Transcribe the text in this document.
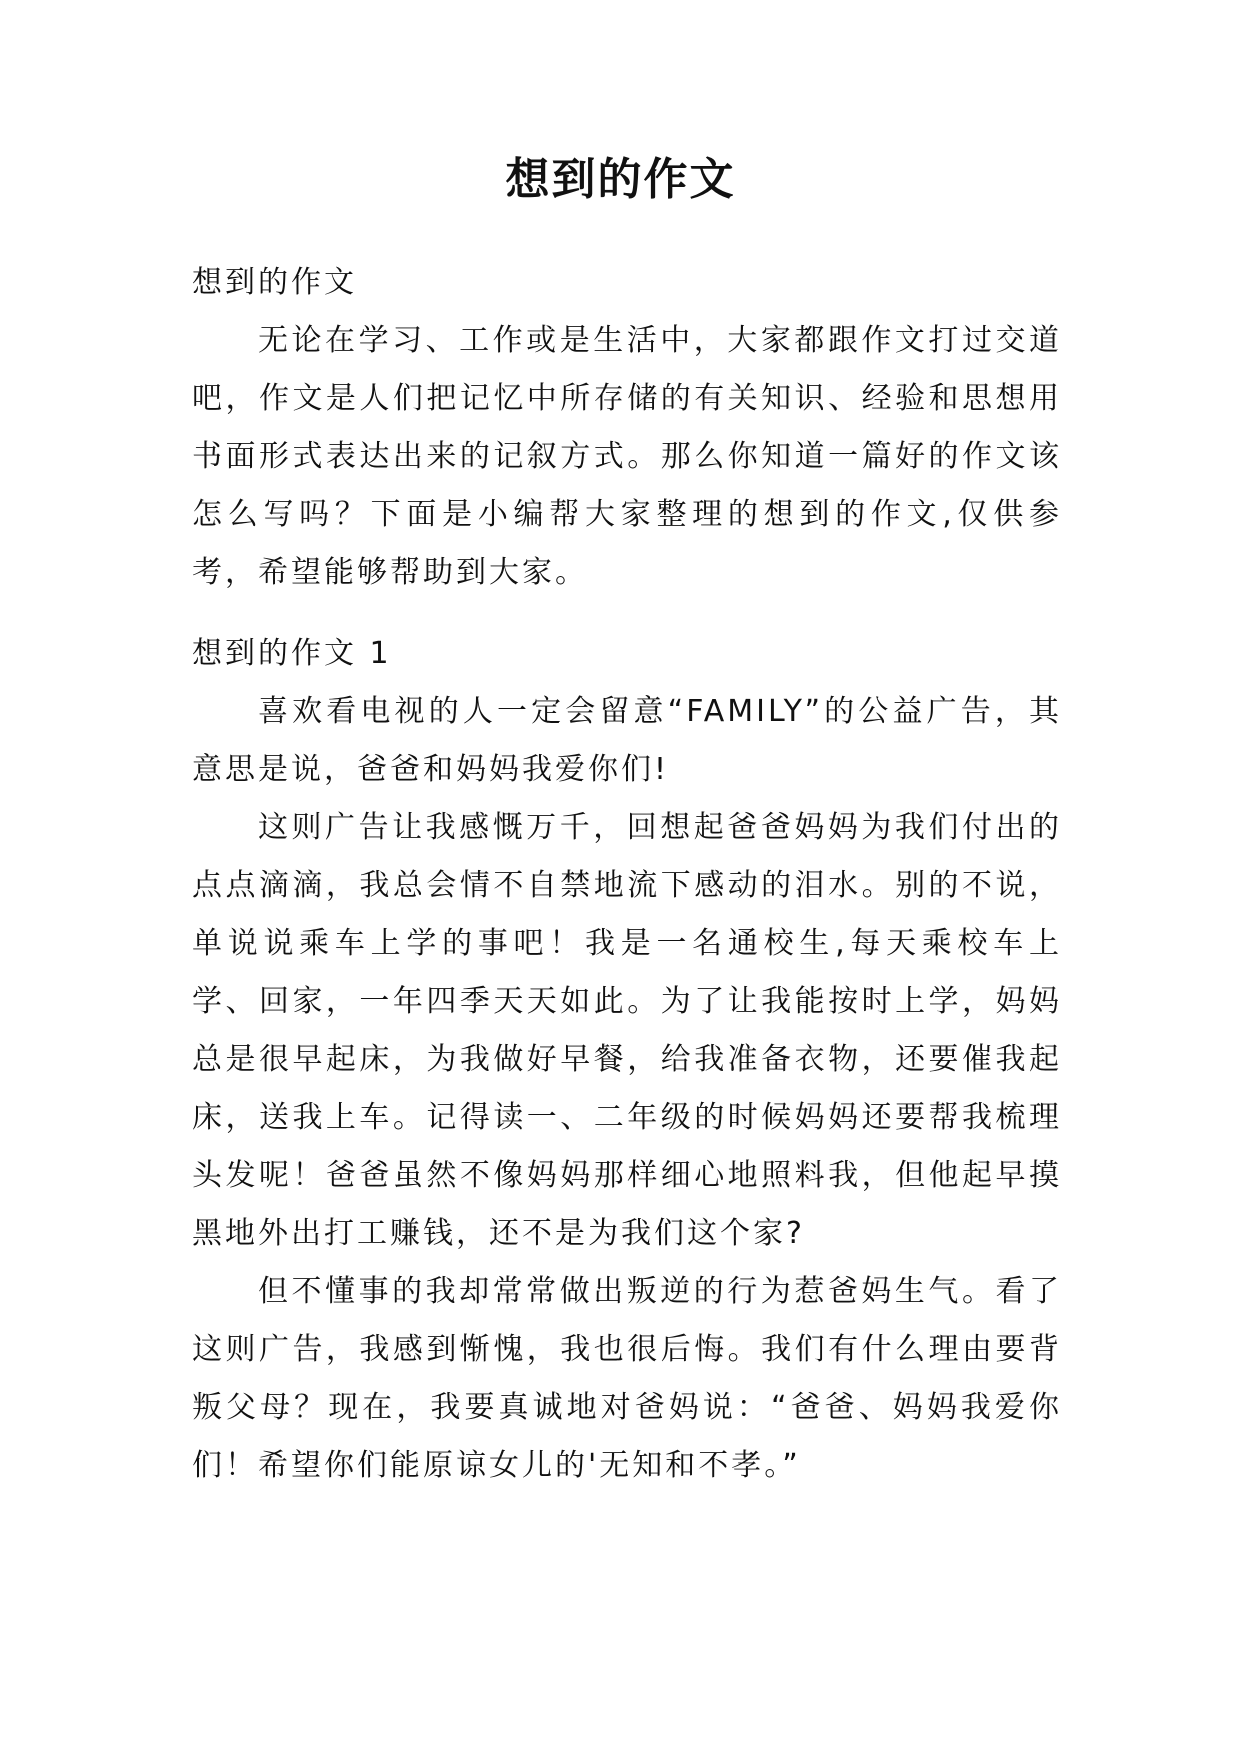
想到的作文
想到的作文

无论在学习、工作或是生活中，大家都跟作文打过交道吧，作文是人们把记忆中所存储的有关知识、经验和思想用书面形式表达出来的记叙方式。那么你知道一篇好的作文该怎么写吗？下面是小编帮大家整理的想到的作文,仅供参考，希望能够帮助到大家。

想到的作文 1

喜欢看电视的人一定会留意“FAMILY”的公益广告，其意思是说，爸爸和妈妈我爱你们!

这则广告让我感慨万千，回想起爸爸妈妈为我们付出的点点滴滴，我总会情不自禁地流下感动的泪水。别的不说，单说说乘车上学的事吧！我是一名通校生,每天乘校车上学、回家，一年四季天天如此。为了让我能按时上学，妈妈总是很早起床，为我做好早餐，给我准备衣物，还要催我起床，送我上车。记得读一、二年级的时候妈妈还要帮我梳理头发呢！爸爸虽然不像妈妈那样细心地照料我，但他起早摸黑地外出打工赚钱，还不是为我们这个家?

但不懂事的我却常常做出叛逆的行为惹爸妈生气。看了这则广告，我感到惭愧，我也很后悔。我们有什么理由要背叛父母？现在，我要真诚地对爸妈说：“爸爸、妈妈我爱你们！希望你们能原谅女儿的'无知和不孝。”
